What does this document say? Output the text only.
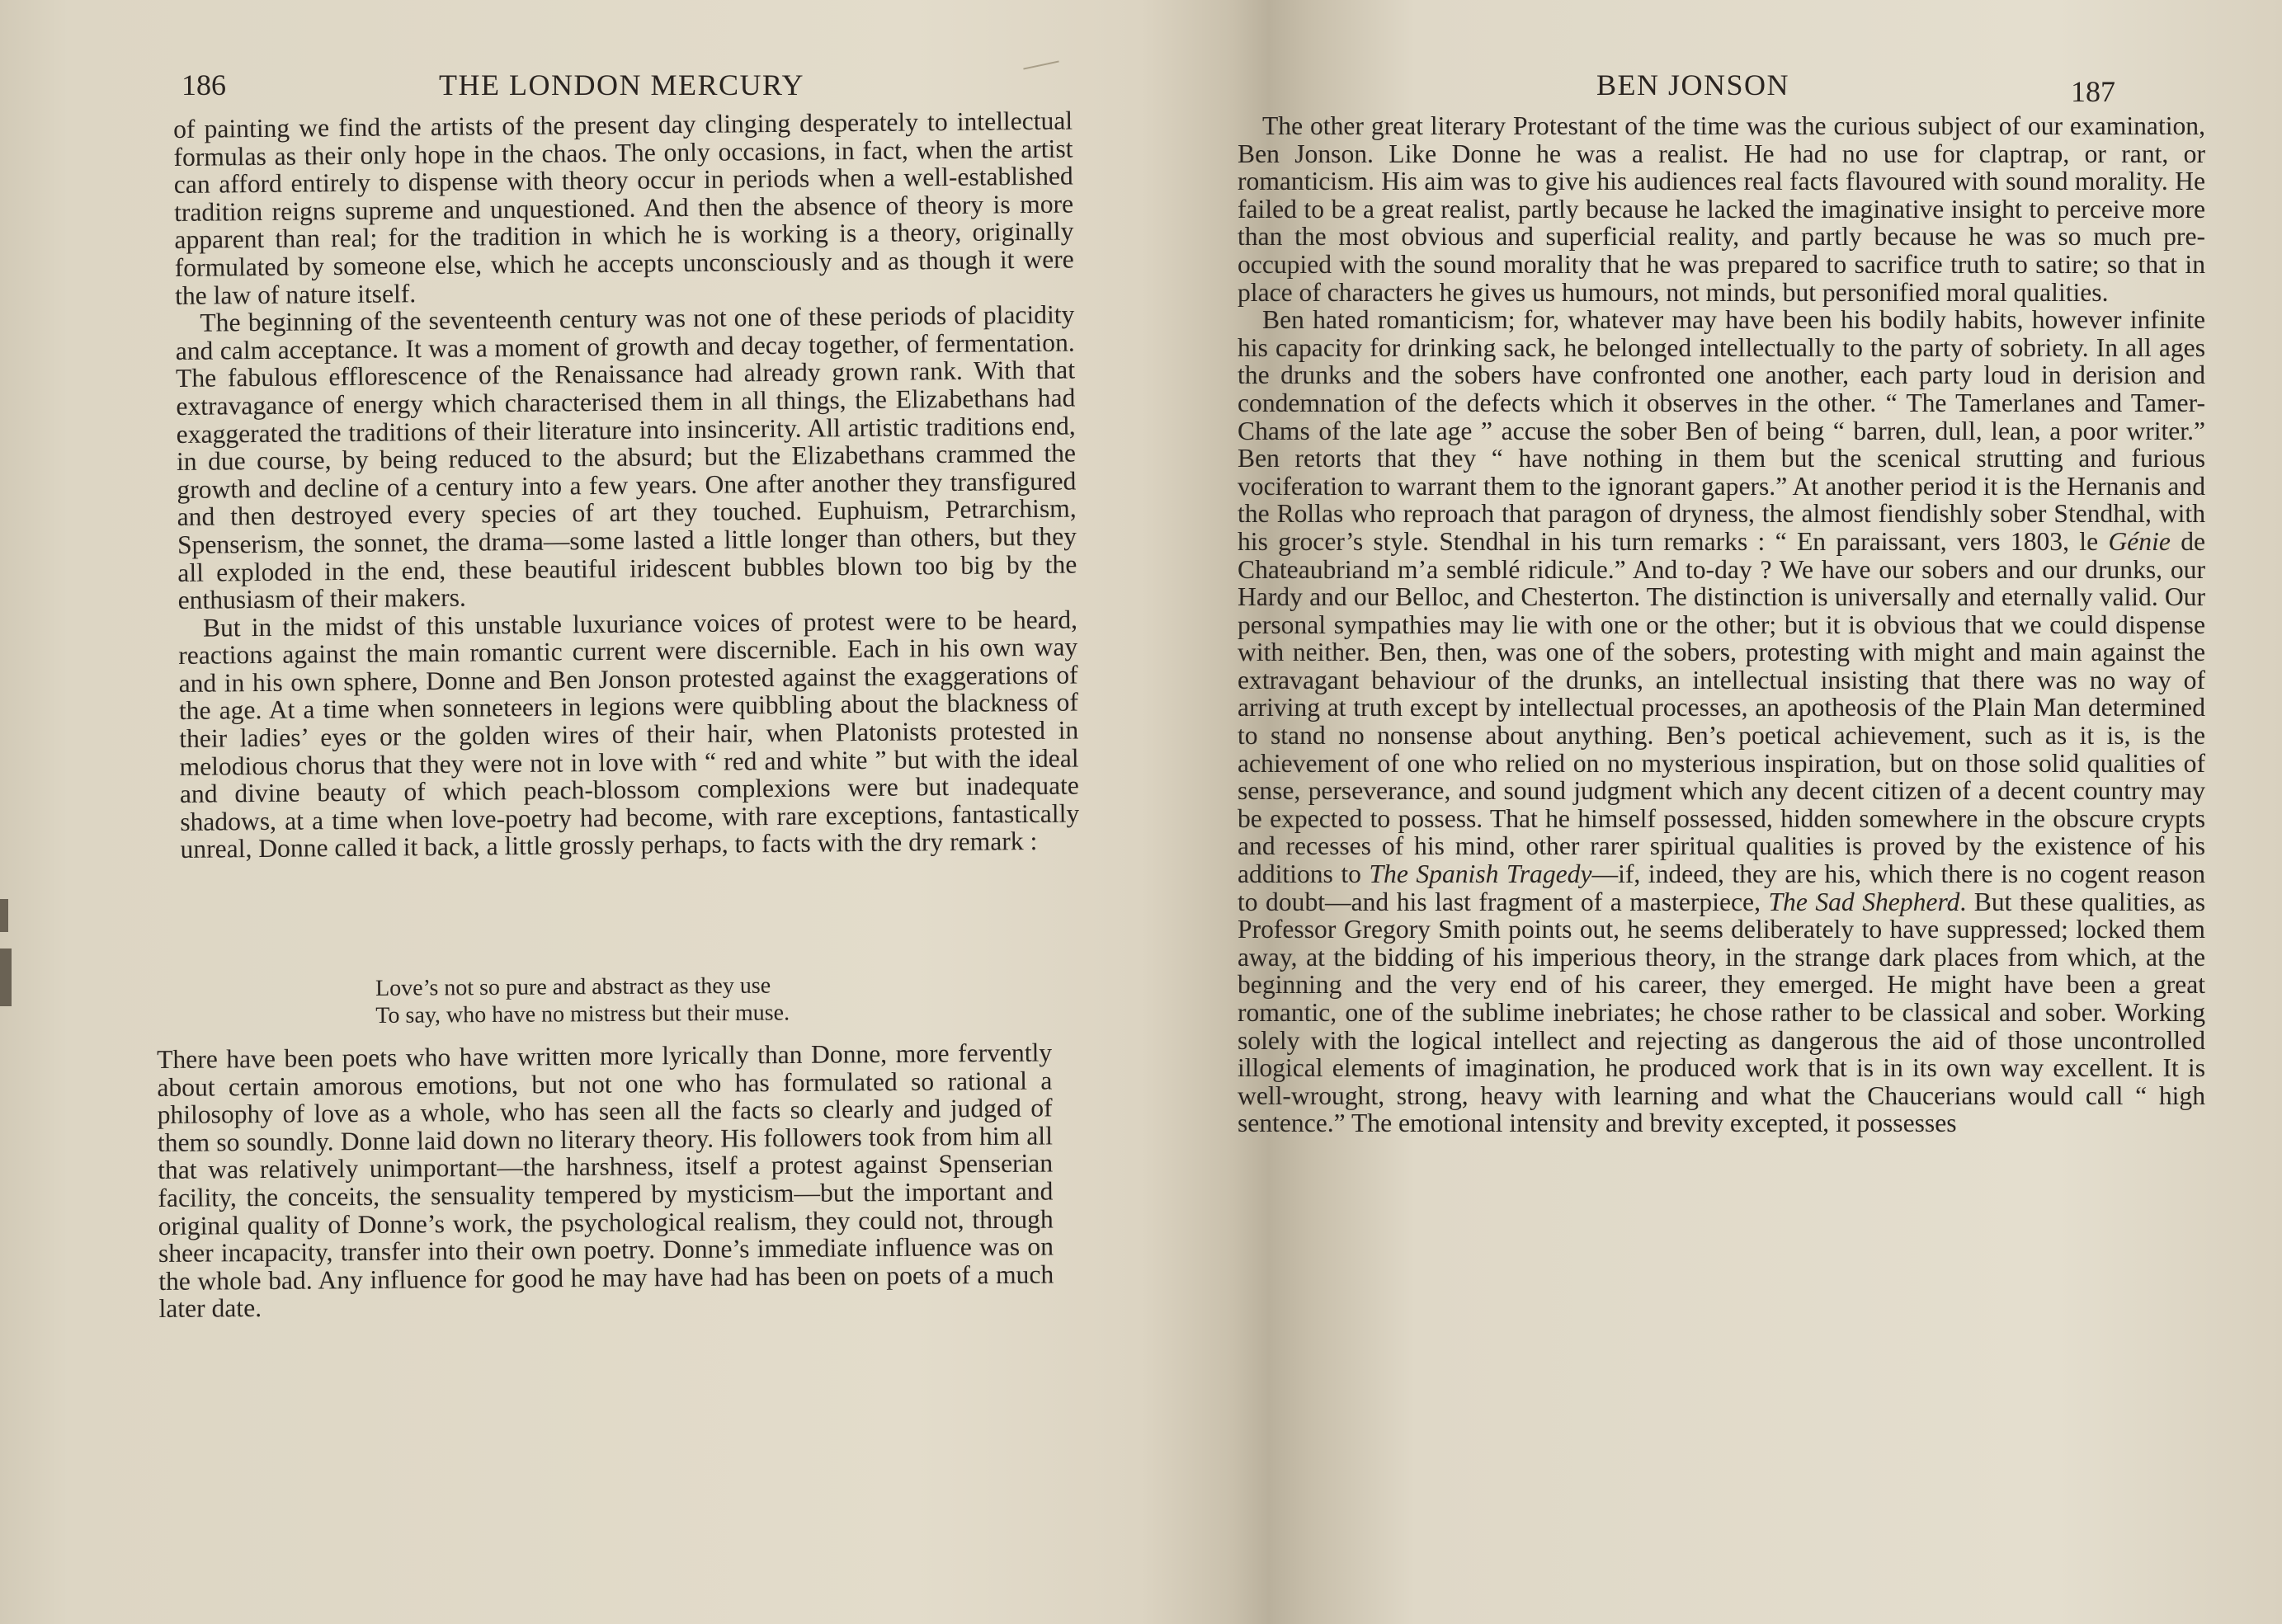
186	THE LONDON MERCURY

of painting we find the artists of the present day clinging desperately to intellectual formulas as their only hope in the chaos. The only occasions, in fact, when the artist can afford entirely to dispense with theory occur in periods when a well-established tradition reigns supreme and unquestioned. And then the absence of theory is more apparent than real; for the tradition in which he is working is a theory, originally formulated by someone else, which he accepts unconsciously and as though it were the law of nature itself.

The beginning of the seventeenth century was not one of these periods of placidity and calm acceptance. It was a moment of growth and decay together, of fermentation. The fabulous efflorescence of the Renaissance had already grown rank. With that extravagance of energy which characterised them in all things, the Elizabethans had exaggerated the traditions of their literature into insincerity. All artistic traditions end, in due course, by being reduced to the absurd; but the Elizabethans crammed the growth and decline of a century into a few years. One after another they transfigured and then destroyed every species of art they touched. Euphuism, Petrarchism, Spenserism, the sonnet, the drama—some lasted a little longer than others, but they all exploded in the end, these beautiful iridescent bubbles blown too big by the enthusiasm of their makers.

But in the midst of this unstable luxuriance voices of protest were to be heard, reactions against the main romantic current were discernible. Each in his own way and in his own sphere, Donne and Ben Jonson protested against the exaggerations of the age. At a time when sonneteers in legions were quibbling about the blackness of their ladies’ eyes or the golden wires of their hair, when Platonists protested in melodious chorus that they were not in love with “ red and white ” but with the ideal and divine beauty of which peach-blossom complexions were but inadequate shadows, at a time when love-poetry had become, with rare exceptions, fantastically unreal, Donne called it back, a little grossly perhaps, to facts with the dry remark :

Love’s not so pure and abstract as they use
To say, who have no mistress but their muse.

There have been poets who have written more lyrically than Donne, more fervently about certain amorous emotions, but not one who has formulated so rational a philosophy of love as a whole, who has seen all the facts so clearly and judged of them so soundly. Donne laid down no literary theory. His followers took from him all that was relatively unimportant—the harshness, itself a protest against Spenserian facility, the conceits, the sensuality tempered by mysticism—but the important and original quality of Donne’s work, the psychological realism, they could not, through sheer incapacity, transfer into their own poetry. Donne’s immediate influence was on the whole bad. Any influence for good he may have had has been on poets of a much later date.

BEN JONSON	187

The other great literary Protestant of the time was the curious subject of our examination, Ben Jonson. Like Donne he was a realist. He had no use for claptrap, or rant, or romanticism. His aim was to give his audiences real facts flavoured with sound morality. He failed to be a great realist, partly because he lacked the imaginative insight to perceive more than the most obvious and superficial reality, and partly because he was so much pre-occupied with the sound morality that he was prepared to sacrifice truth to satire; so that in place of characters he gives us humours, not minds, but personified moral qualities.

Ben hated romanticism; for, whatever may have been his bodily habits, however infinite his capacity for drinking sack, he belonged intellectually to the party of sobriety. In all ages the drunks and the sobers have confronted one another, each party loud in derision and condemnation of the defects which it observes in the other. “ The Tamerlanes and Tamer-Chams of the late age ” accuse the sober Ben of being “ barren, dull, lean, a poor writer.” Ben retorts that they “ have nothing in them but the scenical strutting and furious vociferation to warrant them to the ignorant gapers.” At another period it is the Hernanis and the Rollas who reproach that paragon of dryness, the almost fiendishly sober Stendhal, with his grocer’s style. Stendhal in his turn remarks : “ En paraissant, vers 1803, le Génie de Chateaubriand m’a semblé ridicule.” And to-day ? We have our sobers and our drunks, our Hardy and our Belloc, and Chesterton. The distinction is universally and eternally valid. Our personal sympathies may lie with one or the other; but it is obvious that we could dispense with neither. Ben, then, was one of the sobers, protesting with might and main against the extravagant behaviour of the drunks, an intellectual insisting that there was no way of arriving at truth except by intellectual processes, an apotheosis of the Plain Man determined to stand no nonsense about anything. Ben’s poetical achievement, such as it is, is the achievement of one who relied on no mysterious inspiration, but on those solid qualities of sense, perseverance, and sound judgment which any decent citizen of a decent country may be expected to possess. That he himself possessed, hidden somewhere in the obscure crypts and recesses of his mind, other rarer spiritual qualities is proved by the existence of his additions to The Spanish Tragedy—if, indeed, they are his, which there is no cogent reason to doubt—and his last fragment of a masterpiece, The Sad Shepherd. But these qualities, as Professor Gregory Smith points out, he seems deliberately to have suppressed; locked them away, at the bidding of his imperious theory, in the strange dark places from which, at the beginning and the very end of his career, they emerged. He might have been a great romantic, one of the sublime inebriates; he chose rather to be classical and sober. Working solely with the logical intellect and rejecting as dangerous the aid of those uncontrolled illogical elements of imagination, he produced work that is in its own way excellent. It is well-wrought, strong, heavy with learning and what the Chaucerians would call “ high sentence.” The emotional intensity and brevity excepted, it possesses
